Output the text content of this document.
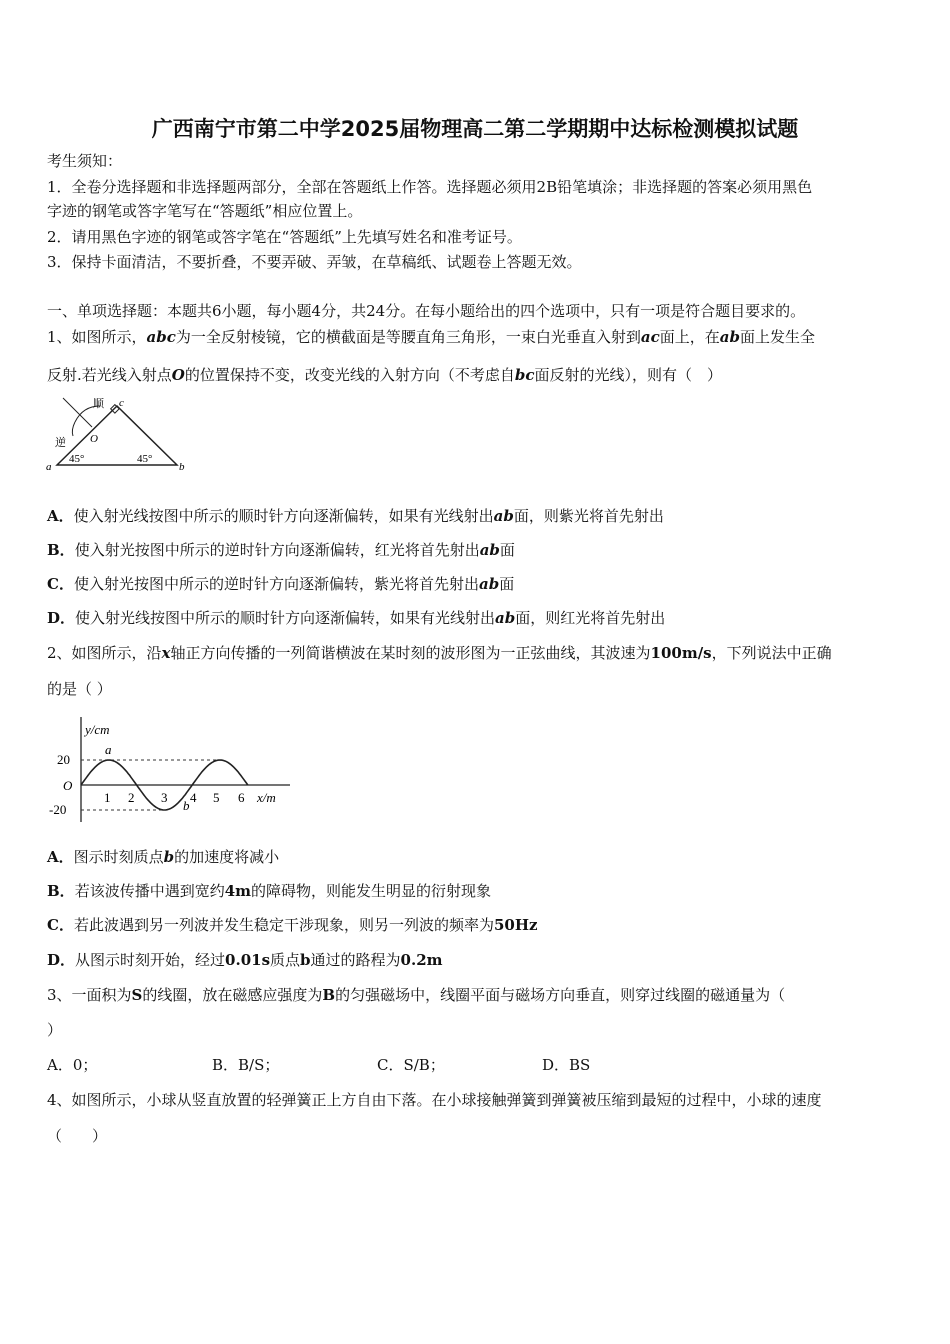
广西南宁市第二中学2025届物理高二第二学期期中达标检测模拟试题
考生须知：
1．全卷分选择题和非选择题两部分，全部在答题纸上作答。选择题必须用2B铅笔填涂；非选择题的答案必须用黑色
字迹的钢笔或答字笔写在“答题纸”相应位置上。
2．请用黑色字迹的钢笔或答字笔在“答题纸”上先填写姓名和准考证号。
3．保持卡面清洁，不要折叠，不要弄破、弄皱，在草稿纸、试题卷上答题无效。
一、单项选择题：本题共6小题，每小题4分，共24分。在每小题给出的四个选项中，只有一项是符合题目要求的。
1、如图所示，abc为一全反射棱镜，它的横截面是等腰直角三角形，一束白光垂直入射到ac面上，在ab面上发生全
反射.若光线入射点O的位置保持不变，改变光线的入射方向（不考虑自bc面反射的光线），则有（　）
A．使入射光线按图中所示的顺时针方向逐渐偏转，如果有光线射出ab面，则紫光将首先射出
B．使入射光按图中所示的逆时针方向逐渐偏转，红光将首先射出ab面
C．使入射光按图中所示的逆时针方向逐渐偏转，紫光将首先射出ab面
D．使入射光线按图中所示的顺时针方向逐渐偏转，如果有光线射出ab面，则红光将首先射出
2、如图所示，沿x轴正方向传播的一列简谐横波在某时刻的波形图为一正弦曲线，其波速为100m/s，下列说法中正确
的是（ ）
A．图示时刻质点b的加速度将减小
B．若该波传播中遇到宽约4m的障碍物，则能发生明显的衍射现象
C．若此波遇到另一列波并发生稳定干涉现象，则另一列波的频率为50Hz
D．从图示时刻开始，经过0.01s质点b通过的路程为0.2m
3、一面积为S的线圈，放在磁感应强度为B的匀强磁场中，线圈平面与磁场方向垂直，则穿过线圈的磁通量为（
）
4、如图所示，小球从竖直放置的轻弹簧正上方自由下落。在小球接触弹簧到弹簧被压缩到最短的过程中，小球的速度
（　　）
顺 c
逆 O
45°	45°
a	b
y/cm
x/m
20
-20
O
a
b
1 2 3 4 5 6
A．0；	B．B/S；	C．S/B；	D．BS
